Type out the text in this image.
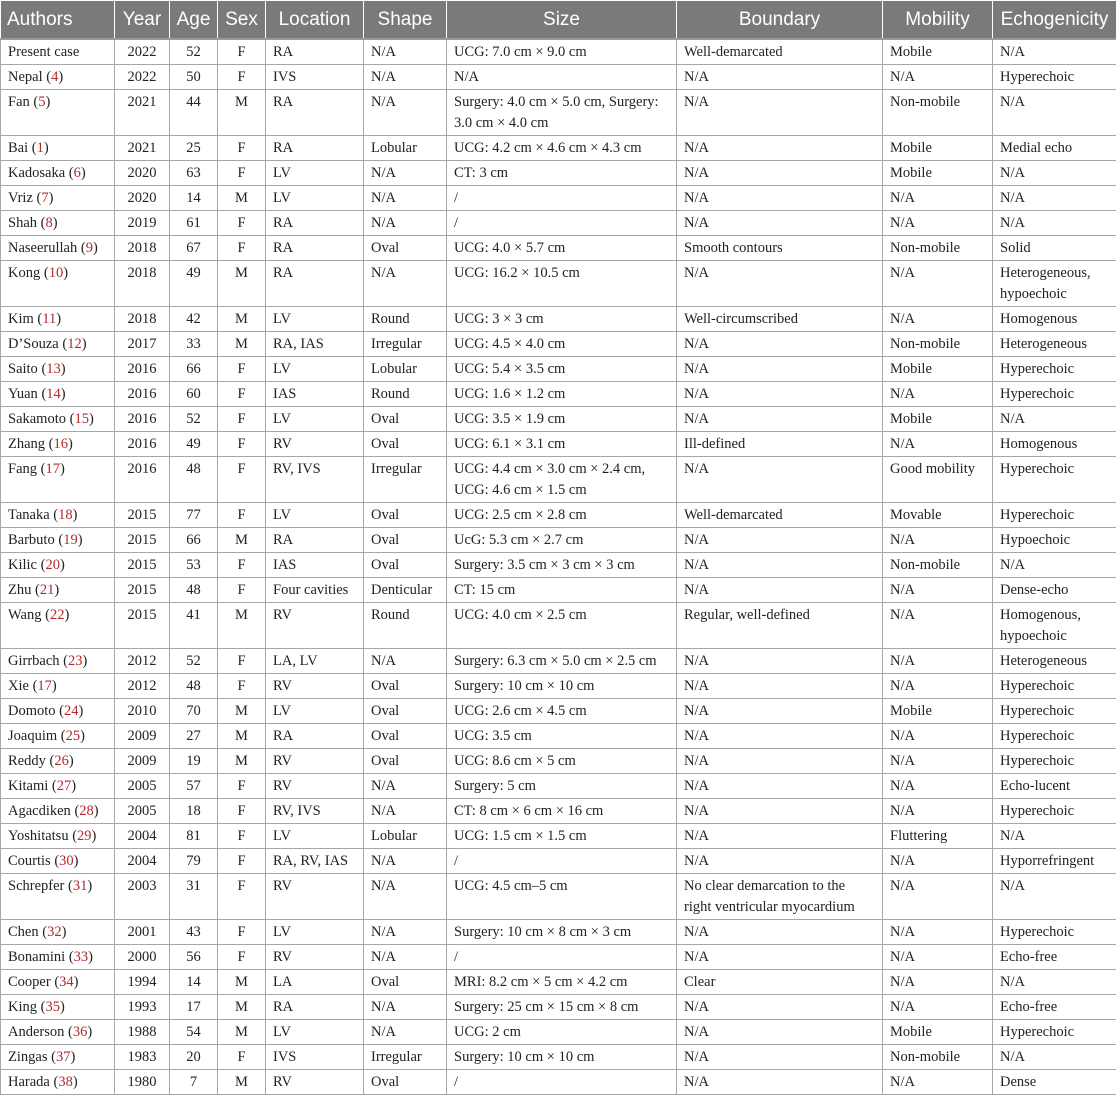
Authors	Year	Age	Sex	Location	Shape	Size	Boundary	Mobility	Echogenicity
Present case	2022	52	F	RA	N/A	UCG: 7.0 cm × 9.0 cm	Well-demarcated	Mobile	N/A
Nepal (4)	2022	50	F	IVS	N/A	N/A	N/A	N/A	Hyperechoic
Fan (5)	2021	44	M	RA	N/A	Surgery: 4.0 cm × 5.0 cm, Surgery: 3.0 cm × 4.0 cm	N/A	Non-mobile	N/A
Bai (1)	2021	25	F	RA	Lobular	UCG: 4.2 cm × 4.6 cm × 4.3 cm	N/A	Mobile	Medial echo
Kadosaka (6)	2020	63	F	LV	N/A	CT: 3 cm	N/A	Mobile	N/A
Vriz (7)	2020	14	M	LV	N/A	/	N/A	N/A	N/A
Shah (8)	2019	61	F	RA	N/A	/	N/A	N/A	N/A
Naseerullah (9)	2018	67	F	RA	Oval	UCG: 4.0 × 5.7 cm	Smooth contours	Non-mobile	Solid
Kong (10)	2018	49	M	RA	N/A	UCG: 16.2 × 10.5 cm	N/A	N/A	Heterogeneous, hypoechoic
Kim (11)	2018	42	M	LV	Round	UCG: 3 × 3 cm	Well-circumscribed	N/A	Homogenous
D’Souza (12)	2017	33	M	RA, IAS	Irregular	UCG: 4.5 × 4.0 cm	N/A	Non-mobile	Heterogeneous
Saito (13)	2016	66	F	LV	Lobular	UCG: 5.4 × 3.5 cm	N/A	Mobile	Hyperechoic
Yuan (14)	2016	60	F	IAS	Round	UCG: 1.6 × 1.2 cm	N/A	N/A	Hyperechoic
Sakamoto (15)	2016	52	F	LV	Oval	UCG: 3.5 × 1.9 cm	N/A	Mobile	N/A
Zhang (16)	2016	49	F	RV	Oval	UCG: 6.1 × 3.1 cm	Ill-defined	N/A	Homogenous
Fang (17)	2016	48	F	RV, IVS	Irregular	UCG: 4.4 cm × 3.0 cm × 2.4 cm, UCG: 4.6 cm × 1.5 cm	N/A	Good mobility	Hyperechoic
Tanaka (18)	2015	77	F	LV	Oval	UCG: 2.5 cm × 2.8 cm	Well-demarcated	Movable	Hyperechoic
Barbuto (19)	2015	66	M	RA	Oval	UcG: 5.3 cm × 2.7 cm	N/A	N/A	Hypoechoic
Kilic (20)	2015	53	F	IAS	Oval	Surgery: 3.5 cm × 3 cm × 3 cm	N/A	Non-mobile	N/A
Zhu (21)	2015	48	F	Four cavities	Denticular	CT: 15 cm	N/A	N/A	Dense-echo
Wang (22)	2015	41	M	RV	Round	UCG: 4.0 cm × 2.5 cm	Regular, well-defined	N/A	Homogenous, hypoechoic
Girrbach (23)	2012	52	F	LA, LV	N/A	Surgery: 6.3 cm × 5.0 cm × 2.5 cm	N/A	N/A	Heterogeneous
Xie (17)	2012	48	F	RV	Oval	Surgery: 10 cm × 10 cm	N/A	N/A	Hyperechoic
Domoto (24)	2010	70	M	LV	Oval	UCG: 2.6 cm × 4.5 cm	N/A	Mobile	Hyperechoic
Joaquim (25)	2009	27	M	RA	Oval	UCG: 3.5 cm	N/A	N/A	Hyperechoic
Reddy (26)	2009	19	M	RV	Oval	UCG: 8.6 cm × 5 cm	N/A	N/A	Hyperechoic
Kitami (27)	2005	57	F	RV	N/A	Surgery: 5 cm	N/A	N/A	Echo-lucent
Agacdiken (28)	2005	18	F	RV, IVS	N/A	CT: 8 cm × 6 cm × 16 cm	N/A	N/A	Hyperechoic
Yoshitatsu (29)	2004	81	F	LV	Lobular	UCG: 1.5 cm × 1.5 cm	N/A	Fluttering	N/A
Courtis (30)	2004	79	F	RA, RV, IAS	N/A	/	N/A	N/A	Hyporrefringent
Schrepfer (31)	2003	31	F	RV	N/A	UCG: 4.5 cm–5 cm	No clear demarcation to the right ventricular myocardium	N/A	N/A
Chen (32)	2001	43	F	LV	N/A	Surgery: 10 cm × 8 cm × 3 cm	N/A	N/A	Hyperechoic
Bonamini (33)	2000	56	F	RV	N/A	/	N/A	N/A	Echo-free
Cooper (34)	1994	14	M	LA	Oval	MRI: 8.2 cm × 5 cm × 4.2 cm	Clear	N/A	N/A
King (35)	1993	17	M	RA	N/A	Surgery: 25 cm × 15 cm × 8 cm	N/A	N/A	Echo-free
Anderson (36)	1988	54	M	LV	N/A	UCG: 2 cm	N/A	Mobile	Hyperechoic
Zingas (37)	1983	20	F	IVS	Irregular	Surgery: 10 cm × 10 cm	N/A	Non-mobile	N/A
Harada (38)	1980	7	M	RV	Oval	/	N/A	N/A	Dense
